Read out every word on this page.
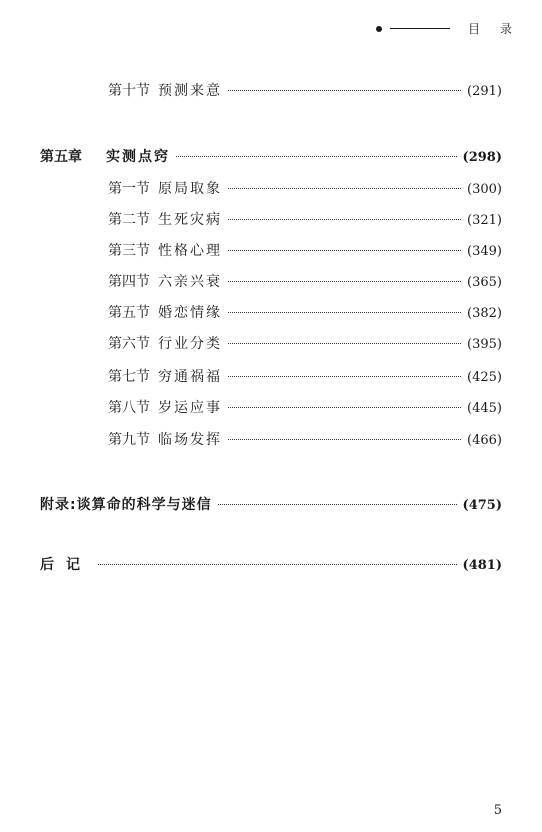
目　录
第十节 预测来意	(291)
第五章	实测点窍	(298)
第一节 原局取象	(300)
第二节 生死灾病	(321)
第三节 性格心理	(349)
第四节 六亲兴衰	(365)
第五节 婚恋情缘	(382)
第六节 行业分类	(395)
第七节 穷通祸福	(425)
第八节 岁运应事	(445)
第九节 临场发挥	(466)
附录:谈算命的科学与迷信	(475)
后记	(481)
5
